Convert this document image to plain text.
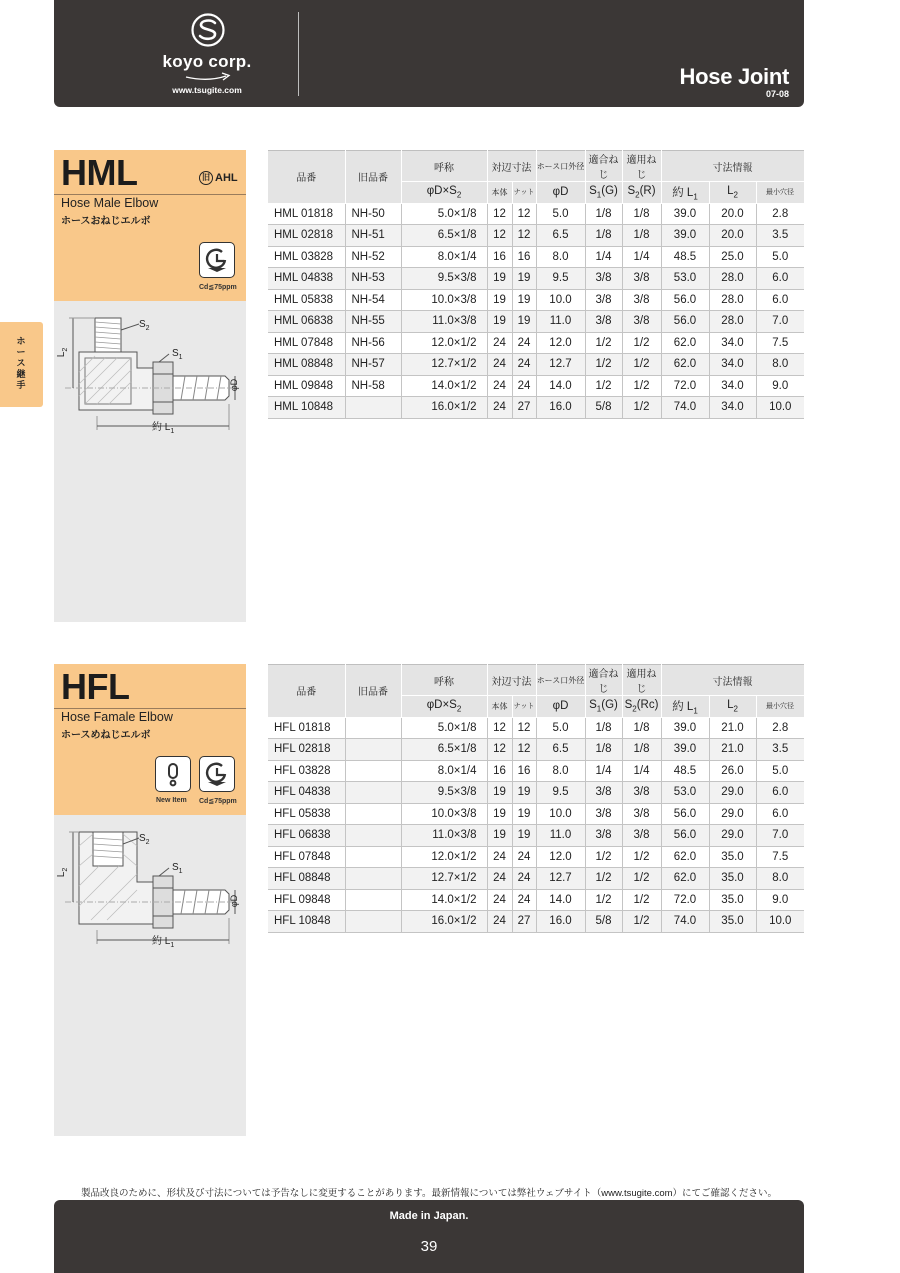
koyo corp.
www.tsugite.com
Hose Joint
07-08
ホース継手
HML	旧 AHL
Hose Male Elbow
ホースおねじエルボ
Cd≦75ppm
$S_2$
$S_1$
$L_2$
φD
約 $L_1$
品番	旧品番	呼称	対辺寸法		ホース口外径	適合ねじ	適用ねじ	寸法情報		
		$\varphi D\times S_2$	本体	ナット	φD	$S_1(G)$	$S_2(R)$	約 $L_1$	$L_2$	最小穴径
HML 01818	NH-50	5.0×1/8	12	12	5.0	1/8	1/8	39.0	20.0	2.8
HML 02818	NH-51	6.5×1/8	12	12	6.5	1/8	1/8	39.0	20.0	3.5
HML 03828	NH-52	8.0×1/4	16	16	8.0	1/4	1/4	48.5	25.0	5.0
HML 04838	NH-53	9.5×3/8	19	19	9.5	3/8	3/8	53.0	28.0	6.0
HML 05838	NH-54	10.0×3/8	19	19	10.0	3/8	3/8	56.0	28.0	6.0
HML 06838	NH-55	11.0×3/8	19	19	11.0	3/8	3/8	56.0	28.0	7.0
HML 07848	NH-56	12.0×1/2	24	24	12.0	1/2	1/2	62.0	34.0	7.5
HML 08848	NH-57	12.7×1/2	24	24	12.7	1/2	1/2	62.0	34.0	8.0
HML 09848	NH-58	14.0×1/2	24	24	14.0	1/2	1/2	72.0	34.0	9.0
HML 10848		16.0×1/2	24	27	16.0	5/8	1/2	74.0	34.0	10.0
HFL
Hose Famale Elbow
ホースめねじエルボ
New Item Cd≦75ppm
$S_2$
$S_1$
$L_2$
φD
約 $L_1$
品番	旧品番	呼称	対辺寸法		ホース口外径	適合ねじ	適用ねじ	寸法情報		
		$\varphi D\times S_2$	本体	ナット	φD	$S_1(G)$	$S_2(Rc)$	約 $L_1$	$L_2$	最小穴径
HFL 01818		5.0×1/8	12	12	5.0	1/8	1/8	39.0	21.0	2.8
HFL 02818		6.5×1/8	12	12	6.5	1/8	1/8	39.0	21.0	3.5
HFL 03828		8.0×1/4	16	16	8.0	1/4	1/4	48.5	26.0	5.0
HFL 04838		9.5×3/8	19	19	9.5	3/8	3/8	53.0	29.0	6.0
HFL 05838		10.0×3/8	19	19	10.0	3/8	3/8	56.0	29.0	6.0
HFL 06838		11.0×3/8	19	19	11.0	3/8	3/8	56.0	29.0	7.0
HFL 07848		12.0×1/2	24	24	12.0	1/2	1/2	62.0	35.0	7.5
HFL 08848		12.7×1/2	24	24	12.7	1/2	1/2	62.0	35.0	8.0
HFL 09848		14.0×1/2	24	24	14.0	1/2	1/2	72.0	35.0	9.0
HFL 10848		16.0×1/2	24	27	16.0	5/8	1/2	74.0	35.0	10.0
製品改良のために、形状及び寸法については予告なしに変更することがあります。最新情報については弊社ウェブサイト（www.tsugite.com）にてご確認ください。
Made in Japan.
39
